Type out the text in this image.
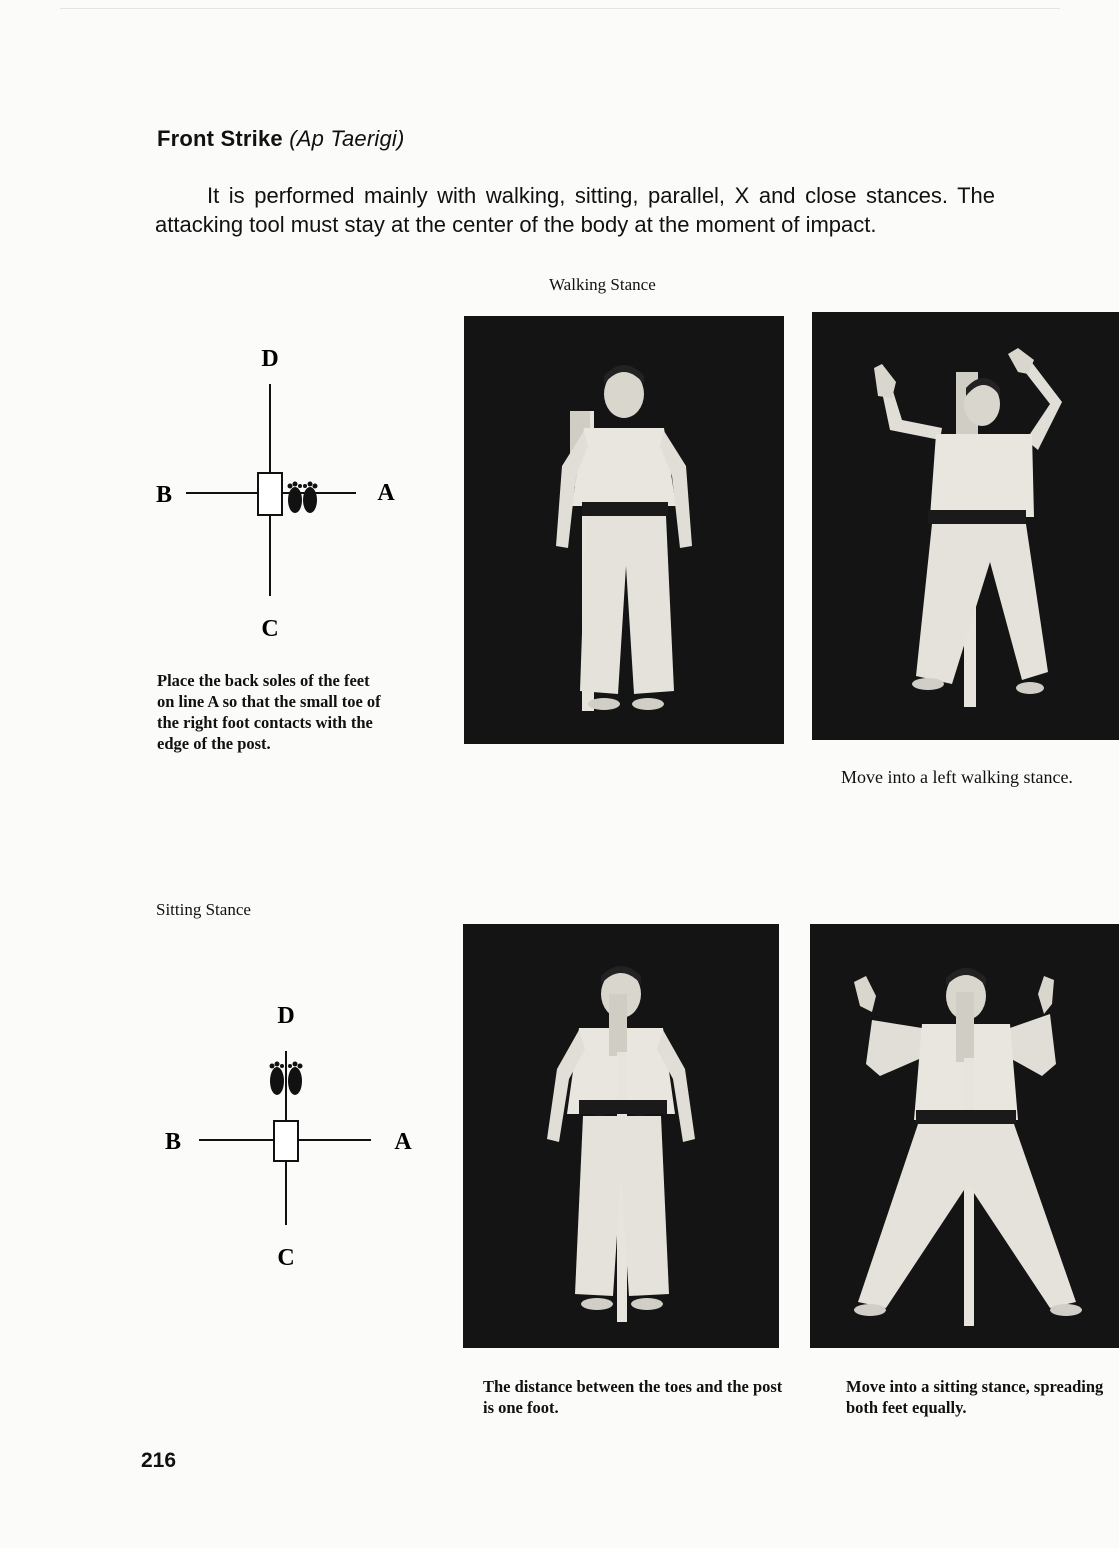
Front Strike (Ap Taerigi)
It is performed mainly with walking, sitting, parallel, X and close stances. The attacking tool must stay at the center of the body at the moment of impact.
Walking Stance
D
B	A
C
Place the back soles of the feet on line A so that the small toe of the right foot contacts with the edge of the post.
Move into a left walking stance.
Sitting Stance
D
B	A
C
The distance between the toes and the post is one foot.
Move into a sitting stance, spreading both feet equally.
216
